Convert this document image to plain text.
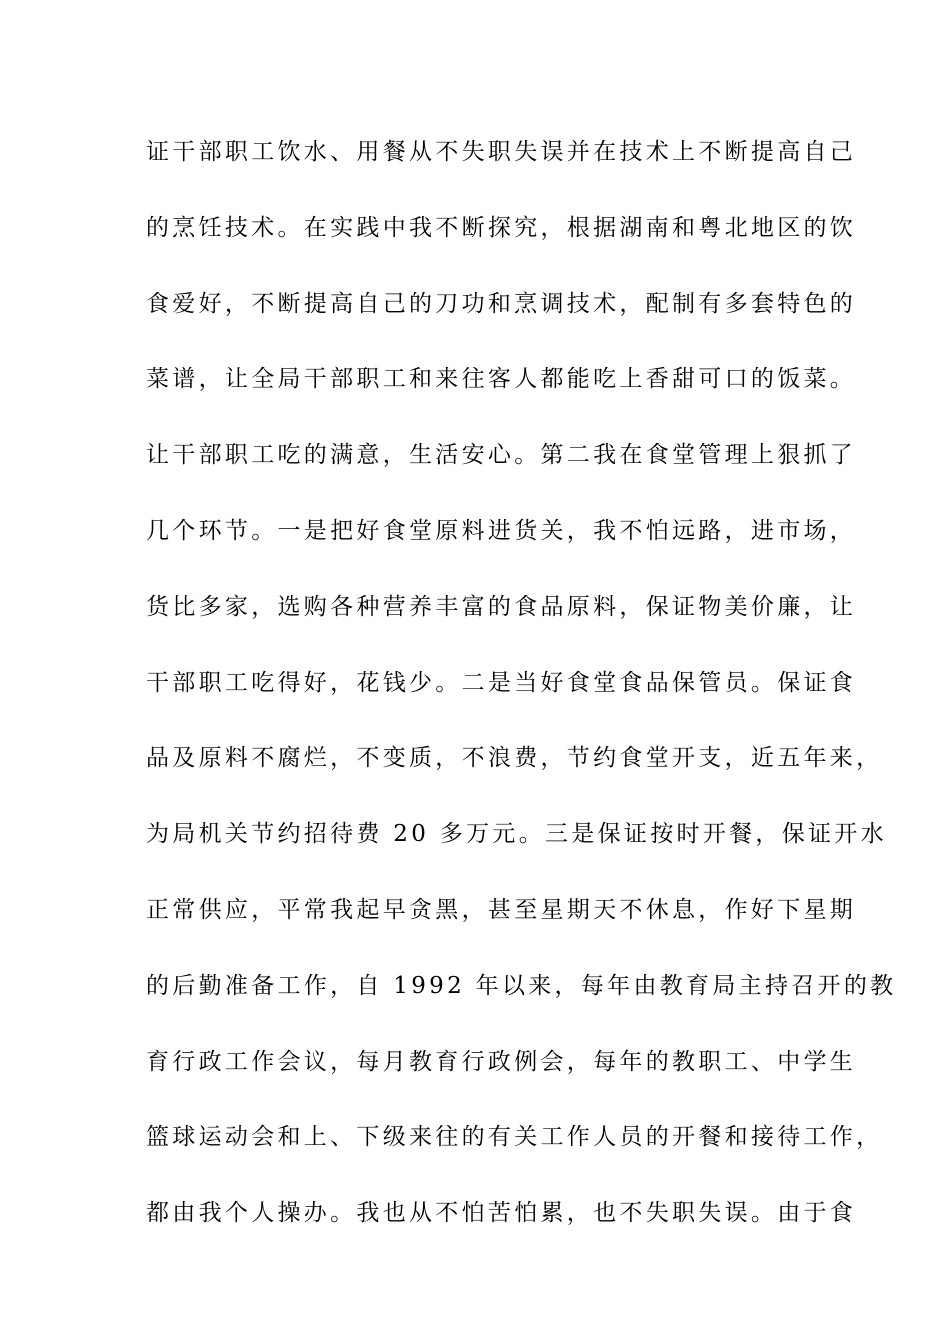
证干部职工饮水、用餐从不失职失误并在技术上不断提高自己

的烹饪技术。在实践中我不断探究，根据湖南和粤北地区的饮

食爱好，不断提高自己的刀功和烹调技术，配制有多套特色的

菜谱，让全局干部职工和来往客人都能吃上香甜可口的饭菜。

让干部职工吃的满意，生活安心。第二我在食堂管理上狠抓了

几个环节。一是把好食堂原料进货关，我不怕远路，进市场，

货比多家，选购各种营养丰富的食品原料，保证物美价廉，让

干部职工吃得好，花钱少。二是当好食堂食品保管员。保证食

品及原料不腐烂，不变质，不浪费，节约食堂开支，近五年来，

为局机关节约招待费 20 多万元。三是保证按时开餐，保证开水

正常供应，平常我起早贪黑，甚至星期天不休息，作好下星期

的后勤准备工作，自 1992 年以来，每年由教育局主持召开的教

育行政工作会议，每月教育行政例会，每年的教职工、中学生

篮球运动会和上、下级来往的有关工作人员的开餐和接待工作，

都由我个人操办。我也从不怕苦怕累，也不失职失误。由于食
